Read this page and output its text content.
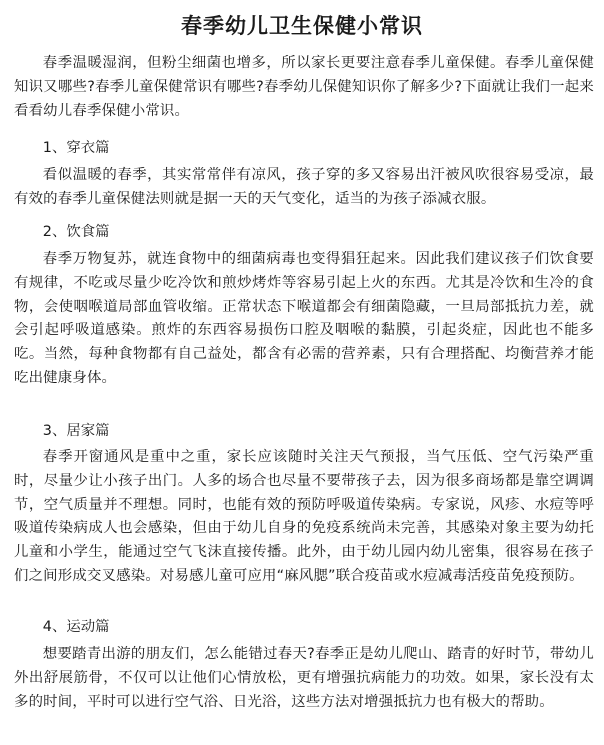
春季幼儿卫生保健小常识
春季温暖湿润，但粉尘细菌也增多，所以家长更要注意春季儿童保健。春季儿童保健知识又哪些?春季儿童保健常识有哪些?春季幼儿保健知识你了解多少?下面就让我们一起来看看幼儿春季保健小常识。
1、穿衣篇
看似温暖的春季，其实常常伴有凉风，孩子穿的多又容易出汗被风吹很容易受凉，最有效的春季儿童保健法则就是据一天的天气变化，适当的为孩子添减衣服。
2、饮食篇
春季万物复苏，就连食物中的细菌病毒也变得猖狂起来。因此我们建议孩子们饮食要有规律，不吃或尽量少吃冷饮和煎炒烤炸等容易引起上火的东西。尤其是冷饮和生冷的食物，会使咽喉道局部血管收缩。正常状态下喉道都会有细菌隐藏，一旦局部抵抗力差，就会引起呼吸道感染。煎炸的东西容易损伤口腔及咽喉的黏膜，引起炎症，因此也不能多吃。当然，每种食物都有自己益处，都含有必需的营养素，只有合理搭配、均衡营养才能吃出健康身体。
3、居家篇
春季开窗通风是重中之重，家长应该随时关注天气预报，当气压低、空气污染严重时，尽量少让小孩子出门。人多的场合也尽量不要带孩子去，因为很多商场都是靠空调调节，空气质量并不理想。同时，也能有效的预防呼吸道传染病。专家说，风疹、水痘等呼吸道传染病成人也会感染，但由于幼儿自身的免疫系统尚未完善，其感染对象主要为幼托儿童和小学生，能通过空气飞沫直接传播。此外，由于幼儿园内幼儿密集，很容易在孩子们之间形成交叉感染。对易感儿童可应用“麻风腮”联合疫苗或水痘减毒活疫苗免疫预防。
4、运动篇
想要踏青出游的朋友们，怎么能错过春天?春季正是幼儿爬山、踏青的好时节，带幼儿外出舒展筋骨，不仅可以让他们心情放松，更有增强抗病能力的功效。如果，家长没有太多的时间，平时可以进行空气浴、日光浴，这些方法对增强抵抗力也有极大的帮助。
